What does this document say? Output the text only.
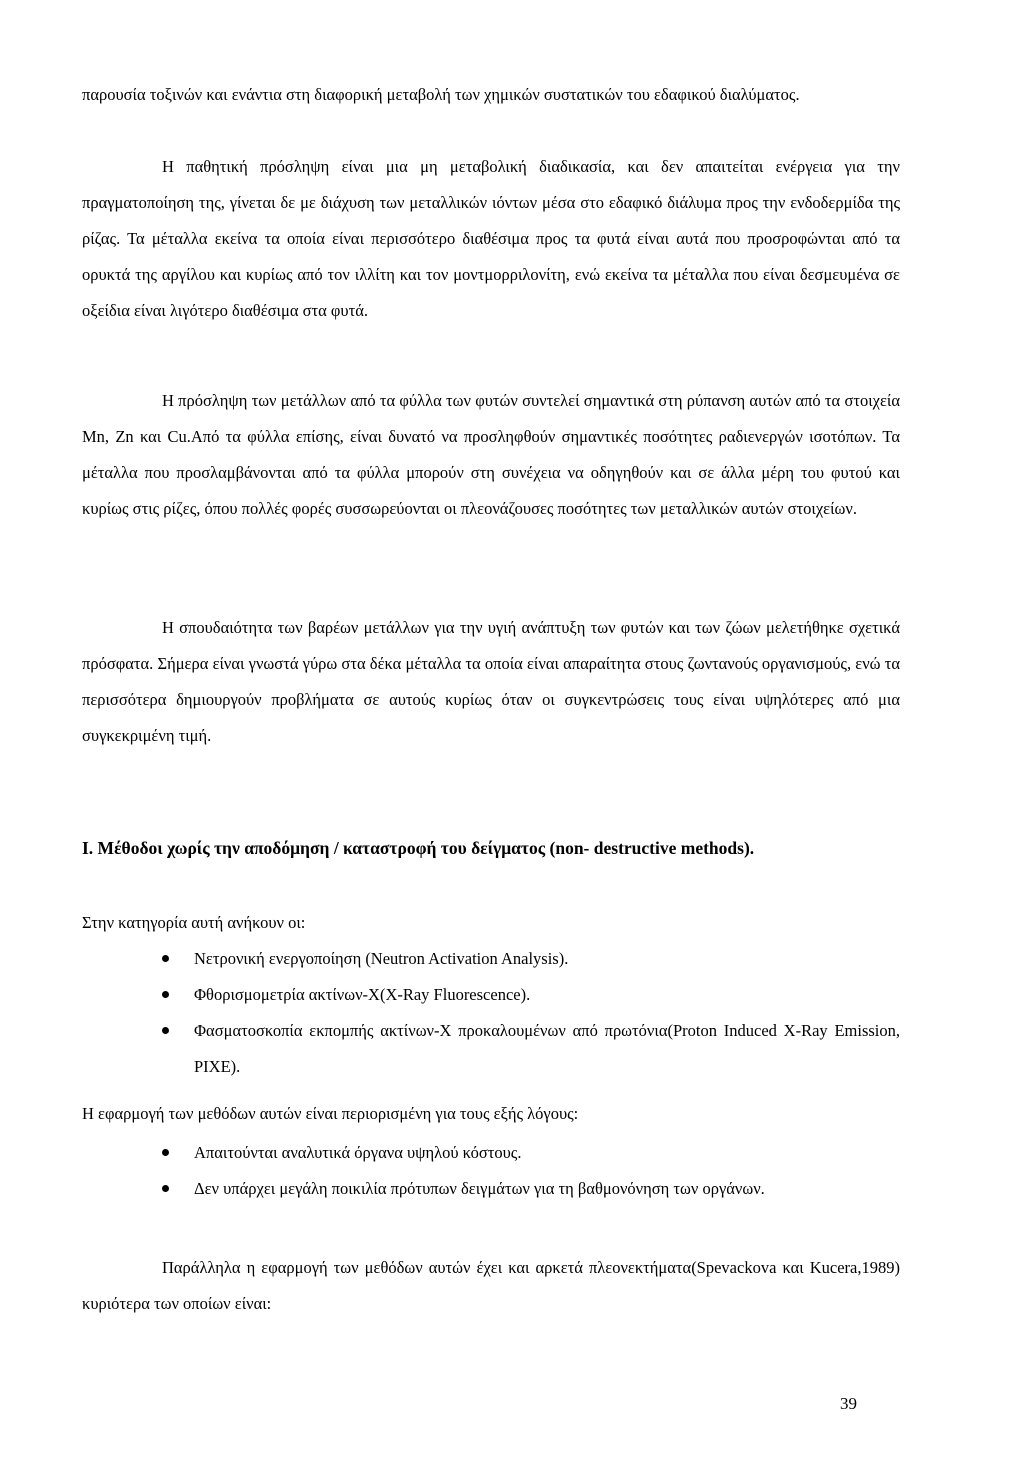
παρουσία τοξινών και ενάντια στη διαφορική μεταβολή των χημικών συστατικών του εδαφικού διαλύματος.

Η παθητική πρόσληψη είναι μια μη μεταβολική διαδικασία, και δεν απαιτείται ενέργεια για την πραγματοποίηση της, γίνεται δε με διάχυση των μεταλλικών ιόντων μέσα στο εδαφικό διάλυμα προς την ενδοδερμίδα της ρίζας. Τα μέταλλα εκείνα τα οποία είναι περισσότερο διαθέσιμα προς τα φυτά είναι αυτά που προσροφώνται από τα ορυκτά της αργίλου και κυρίως από τον ιλλίτη και τον μοντμορριλονίτη, ενώ εκείνα τα μέταλλα που είναι δεσμευμένα σε οξείδια είναι λιγότερο διαθέσιμα στα φυτά.

Η πρόσληψη των μετάλλων από τα φύλλα των φυτών συντελεί σημαντικά στη ρύπανση αυτών από τα στοιχεία Mn, Zn και Cu.Από τα φύλλα επίσης, είναι δυνατό να προσληφθούν σημαντικές ποσότητες ραδιενεργών ισοτόπων. Τα μέταλλα που προσλαμβάνονται από τα φύλλα μπορούν στη συνέχεια να οδηγηθούν και σε άλλα μέρη του φυτού και κυρίως στις ρίζες, όπου πολλές φορές συσσωρεύονται οι πλεονάζουσες ποσότητες των μεταλλικών αυτών στοιχείων.

Η σπουδαιότητα των βαρέων μετάλλων για την υγιή ανάπτυξη των φυτών και των ζώων μελετήθηκε σχετικά πρόσφατα. Σήμερα είναι γνωστά γύρω στα δέκα μέταλλα τα οποία είναι απαραίτητα στους ζωντανούς οργανισμούς, ενώ τα περισσότερα δημιουργούν προβλήματα σε αυτούς κυρίως όταν οι συγκεντρώσεις τους είναι υψηλότερες από μια συγκεκριμένη τιμή.

Ι. Μέθοδοι χωρίς την αποδόμηση / καταστροφή του δείγματος (non- destructive methods).

Στην κατηγορία αυτή ανήκουν οι:

Νετρονική ενεργοποίηση (Neutron Activation Analysis).
Φθορισμομετρία ακτίνων-X(X-Ray Fluorescence).
Φασματοσκοπία εκπομπής ακτίνων-X προκαλουμένων από πρωτόνια(Proton Induced X-Ray Emission, PIXE).

Η εφαρμογή των μεθόδων αυτών είναι περιορισμένη για τους εξής λόγους:

Απαιτούνται αναλυτικά όργανα υψηλού κόστους.
Δεν υπάρχει μεγάλη ποικιλία πρότυπων δειγμάτων για τη βαθμονόνηση των οργάνων.

Παράλληλα η εφαρμογή των μεθόδων αυτών έχει και αρκετά πλεονεκτήματα(Spevackova και Kucera,1989) κυριότερα των οποίων είναι:

39
